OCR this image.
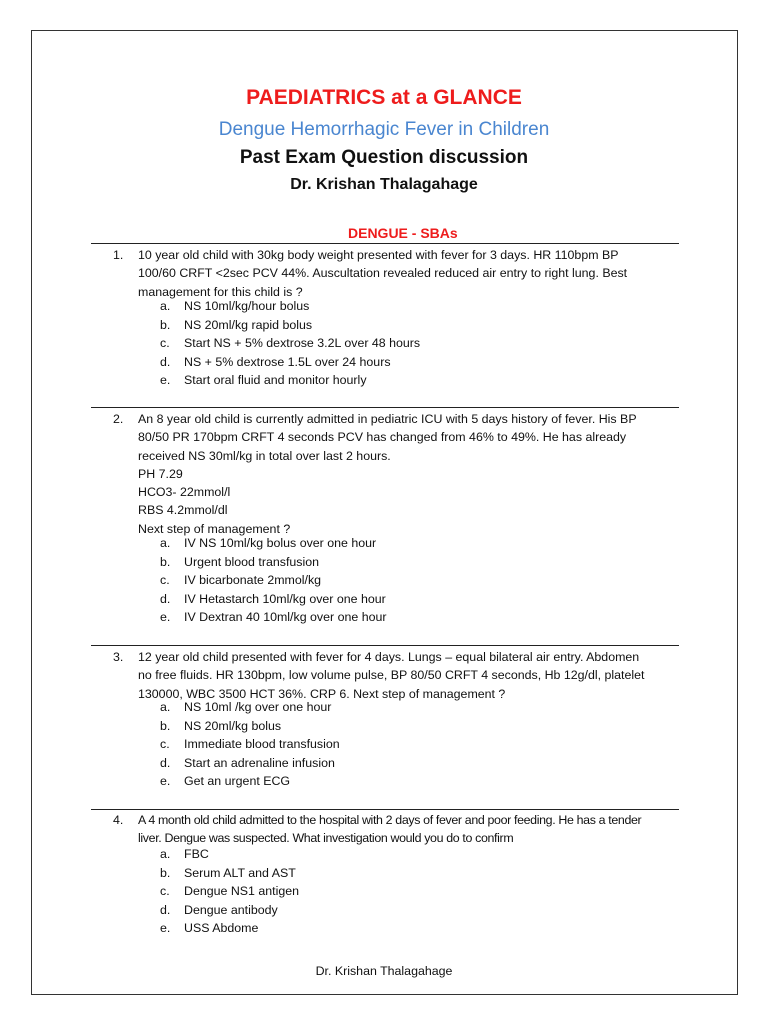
PAEDIATRICS at a GLANCE
Dengue Hemorrhagic Fever in Children
Past Exam Question discussion
Dr. Krishan Thalagahage
DENGUE - SBAs
1. 10 year old child with 30kg body weight presented with fever for 3 days. HR 110bpm BP
100/60 CRFT <2sec PCV 44%. Auscultation revealed reduced air entry to right lung. Best
management for this child is ?
a. NS 10ml/kg/hour bolus
b. NS 20ml/kg rapid bolus
c. Start NS + 5% dextrose 3.2L over 48 hours
d. NS + 5% dextrose 1.5L over 24 hours
e. Start oral fluid and monitor hourly
2. An 8 year old child is currently admitted in pediatric ICU with 5 days history of fever. His BP
80/50 PR 170bpm CRFT 4 seconds PCV has changed from 46% to 49%. He has already
received NS 30ml/kg in total over last 2 hours.
PH 7.29
HCO3- 22mmol/l
RBS 4.2mmol/dl
Next step of management ?
a. IV NS 10ml/kg bolus over one hour
b. Urgent blood transfusion
c. IV bicarbonate 2mmol/kg
d. IV Hetastarch 10ml/kg over one hour
e. IV Dextran 40 10ml/kg over one hour
3. 12 year old child presented with fever for 4 days. Lungs – equal bilateral air entry. Abdomen
no free fluids. HR 130bpm, low volume pulse, BP 80/50 CRFT 4 seconds, Hb 12g/dl, platelet
130000, WBC 3500 HCT 36%. CRP 6. Next step of management ?
a. NS 10ml /kg over one hour
b. NS 20ml/kg bolus
c. Immediate blood transfusion
d. Start an adrenaline infusion
e. Get an urgent ECG
4. A 4 month old child admitted to the hospital with 2 days of fever and poor feeding. He has a tender
liver. Dengue was suspected. What investigation would you do to confirm
a. FBC
b. Serum ALT and AST
c. Dengue NS1 antigen
d. Dengue antibody
e. USS Abdome
Dr. Krishan Thalagahage
